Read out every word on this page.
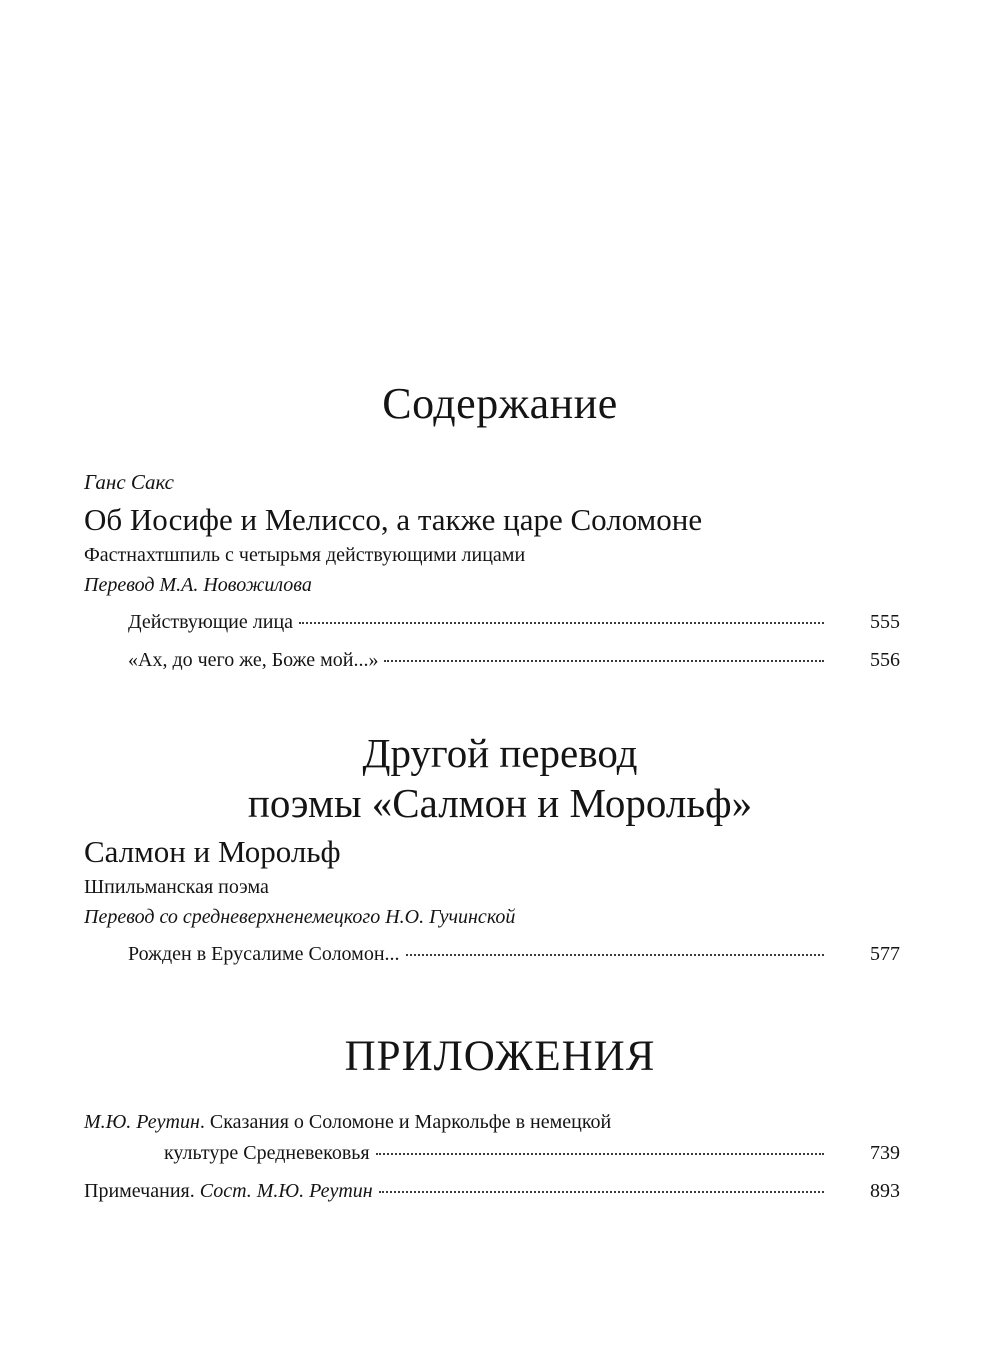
Содержание
Ганс Сакс
Об Иосифе и Мелиссо, а также царе Соломоне
Фастнахтшпиль с четырьмя действующими лицами
Перевод М.А. Новожилова
Действующие лица	555
«Ах, до чего же, Боже мой...»	556
Другой перевод
поэмы «Салмон и Морольф»
Салмон и Морольф
Шпильманская поэма
Перевод со средневерхненемецкого Н.О. Гучинской
Рожден в Ерусалиме Соломон...	577
ПРИЛОЖЕНИЯ
М.Ю. Реутин. Сказания о Соломоне и Маркольфе в немецкой
культуре Средневековья	739
Примечания. Сост. М.Ю. Реутин	893
